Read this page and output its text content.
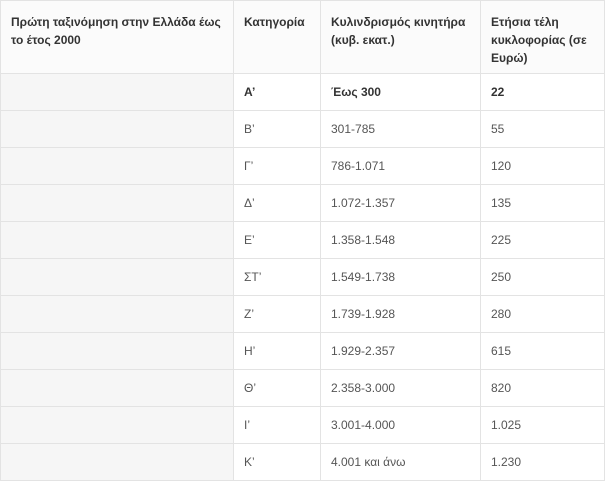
Πρώτη ταξινόμηση στην Ελλάδα έως το έτος 2000	Κατηγορία	Κυλινδρισμός κινητήρα (κυβ. εκατ.)	Ετήσια τέλη κυκλοφορίας (σε Ευρώ)
	Α’	Έως 300	22
	Β’	301-785	55
	Γ’	786-1.071	120
	Δ’	1.072-1.357	135
	Ε’	1.358-1.548	225
	ΣΤ’	1.549-1.738	250
	Ζ’	1.739-1.928	280
	Η’	1.929-2.357	615
	Θ’	2.358-3.000	820
	Ι’	3.001-4.000	1.025
	Κ’	4.001 και άνω	1.230
